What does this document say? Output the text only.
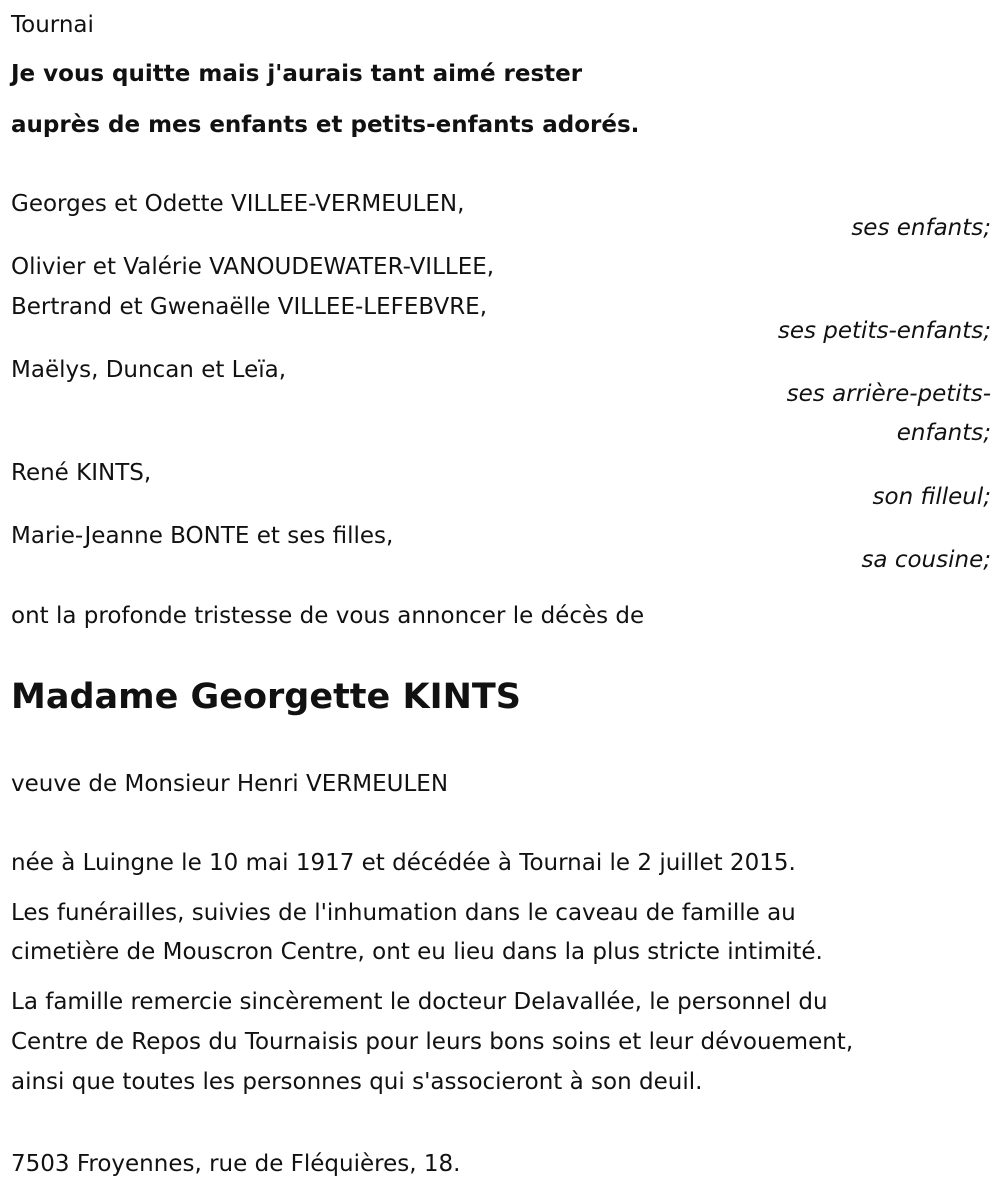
Tournai
Je vous quitte mais j'aurais tant aimé rester
auprès de mes enfants et petits-enfants adorés.
Georges et Odette VILLEE-VERMEULEN,
ses enfants;
Olivier et Valérie VANOUDEWATER-VILLEE,
Bertrand et Gwenaëlle VILLEE-LEFEBVRE,
ses petits-enfants;
Maëlys, Duncan et Leïa,
ses arrière-petits-
enfants;
René KINTS,
son filleul;
Marie-Jeanne BONTE et ses filles,
sa cousine;
ont la profonde tristesse de vous annoncer le décès de
Madame Georgette KINTS
veuve de Monsieur Henri VERMEULEN
née à Luingne le 10 mai 1917 et décédée à Tournai le 2 juillet 2015.
Les funérailles, suivies de l'inhumation dans le caveau de famille au
cimetière de Mouscron Centre, ont eu lieu dans la plus stricte intimité.
La famille remercie sincèrement le docteur Delavallée, le personnel du
Centre de Repos du Tournaisis pour leurs bons soins et leur dévouement,
ainsi que toutes les personnes qui s'associeront à son deuil.
7503 Froyennes, rue de Fléquières, 18.
